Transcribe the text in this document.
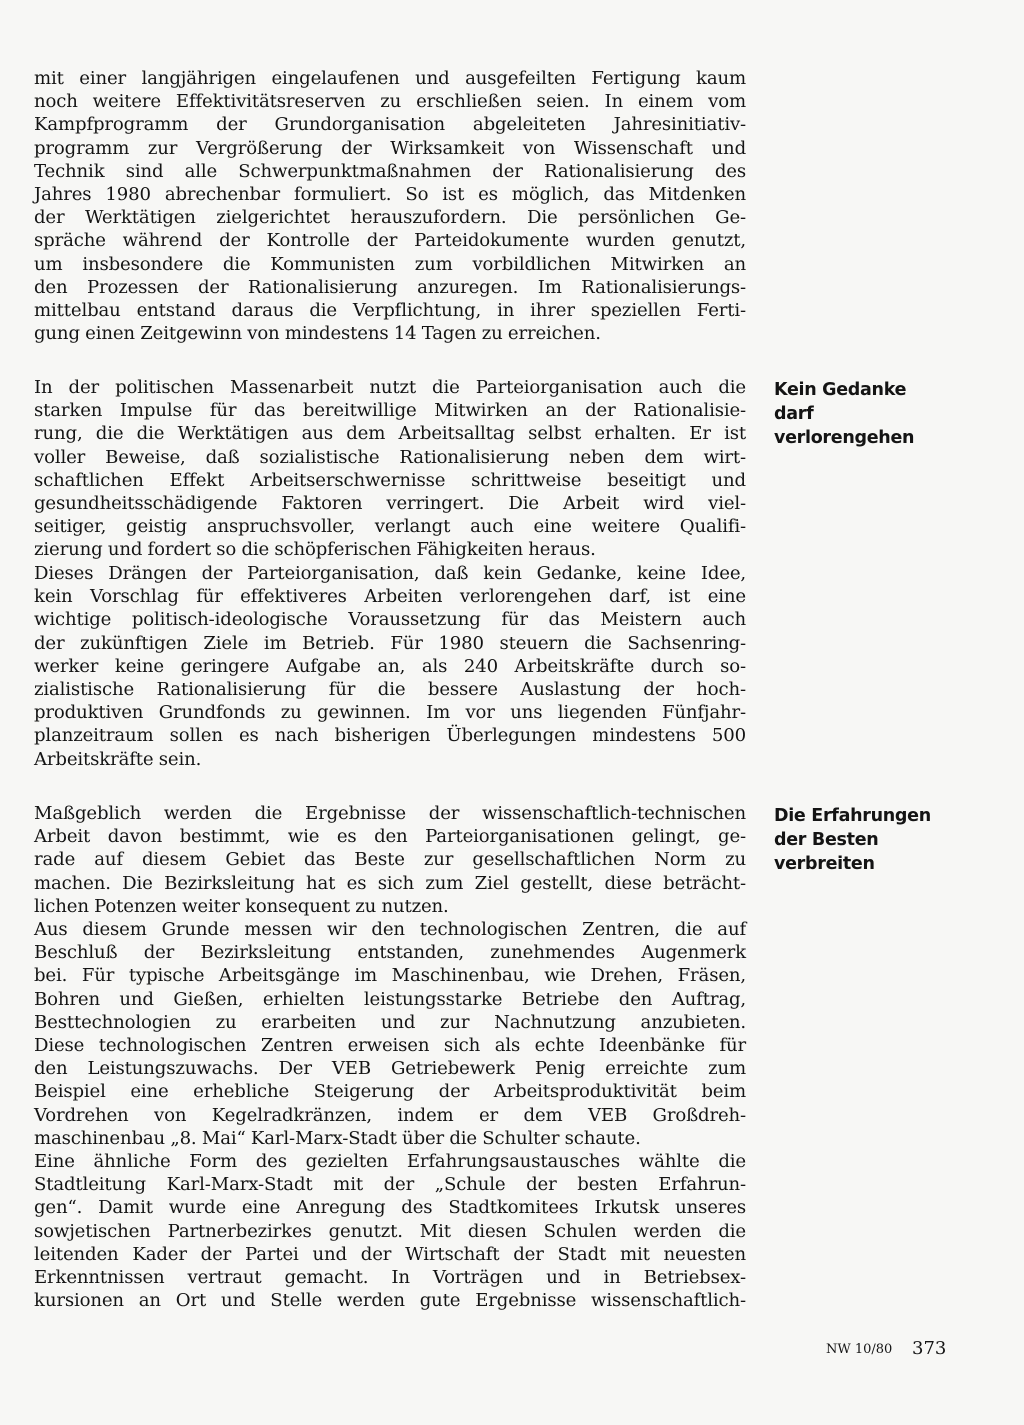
mit einer langjährigen eingelaufenen und ausgefeilten Fertigung kaum

noch weitere Effektivitätsreserven zu erschließen seien. In einem vom

Kampfprogramm der Grundorganisation abgeleiteten Jahresinitiativ-

programm zur Vergrößerung der Wirksamkeit von Wissenschaft und

Technik sind alle Schwerpunktmaßnahmen der Rationalisierung des

Jahres 1980 abrechenbar formuliert. So ist es möglich, das Mitdenken

der Werktätigen zielgerichtet herauszufordern. Die persönlichen Ge-

spräche während der Kontrolle der Parteidokumente wurden genutzt,

um insbesondere die Kommunisten zum vorbildlichen Mitwirken an

den Prozessen der Rationalisierung anzuregen. Im Rationalisierungs-

mittelbau entstand daraus die Verpflichtung, in ihrer speziellen Ferti-

gung einen Zeitgewinn von mindestens 14 Tagen zu erreichen.

In der politischen Massenarbeit nutzt die Parteiorganisation auch die

starken Impulse für das bereitwillige Mitwirken an der Rationalisie-

rung, die die Werktätigen aus dem Arbeitsalltag selbst erhalten. Er ist

voller Beweise, daß sozialistische Rationalisierung neben dem wirt-

schaftlichen Effekt Arbeitserschwernisse schrittweise beseitigt und

gesundheitsschädigende Faktoren verringert. Die Arbeit wird viel-

seitiger, geistig anspruchsvoller, verlangt auch eine weitere Qualifi-

zierung und fordert so die schöpferischen Fähigkeiten heraus.

Dieses Drängen der Parteiorganisation, daß kein Gedanke, keine Idee,

kein Vorschlag für effektiveres Arbeiten verlorengehen darf, ist eine

wichtige politisch-ideologische Voraussetzung für das Meistern auch

der zukünftigen Ziele im Betrieb. Für 1980 steuern die Sachsenring-

werker keine geringere Aufgabe an, als 240 Arbeitskräfte durch so-

zialistische Rationalisierung für die bessere Auslastung der hoch-

produktiven Grundfonds zu gewinnen. Im vor uns liegenden Fünfjahr-

planzeitraum sollen es nach bisherigen Überlegungen mindestens 500

Arbeitskräfte sein.

Maßgeblich werden die Ergebnisse der wissenschaftlich-technischen

Arbeit davon bestimmt, wie es den Parteiorganisationen gelingt, ge-

rade auf diesem Gebiet das Beste zur gesellschaftlichen Norm zu

machen. Die Bezirksleitung hat es sich zum Ziel gestellt, diese beträcht-

lichen Potenzen weiter konsequent zu nutzen.

Aus diesem Grunde messen wir den technologischen Zentren, die auf

Beschluß der Bezirksleitung entstanden, zunehmendes Augenmerk

bei. Für typische Arbeitsgänge im Maschinenbau, wie Drehen, Fräsen,

Bohren und Gießen, erhielten leistungsstarke Betriebe den Auftrag,

Besttechnologien zu erarbeiten und zur Nachnutzung anzubieten.

Diese technologischen Zentren erweisen sich als echte Ideenbänke für

den Leistungszuwachs. Der VEB Getriebewerk Penig erreichte zum

Beispiel eine erhebliche Steigerung der Arbeitsproduktivität beim

Vordrehen von Kegelradkränzen, indem er dem VEB Großdreh-

maschinenbau „8. Mai“ Karl-Marx-Stadt über die Schulter schaute.

Eine ähnliche Form des gezielten Erfahrungsaustausches wählte die

Stadtleitung Karl-Marx-Stadt mit der „Schule der besten Erfahrun-

gen“. Damit wurde eine Anregung des Stadtkomitees Irkutsk unseres

sowjetischen Partnerbezirkes genutzt. Mit diesen Schulen werden die

leitenden Kader der Partei und der Wirtschaft der Stadt mit neuesten

Erkenntnissen vertraut gemacht. In Vorträgen und in Betriebsex-

kursionen an Ort und Stelle werden gute Ergebnisse wissenschaftlich-

Kein Gedanke
darf
verlorengehen
Die Erfahrungen
der Besten
verbreiten
NW 10/80 373
